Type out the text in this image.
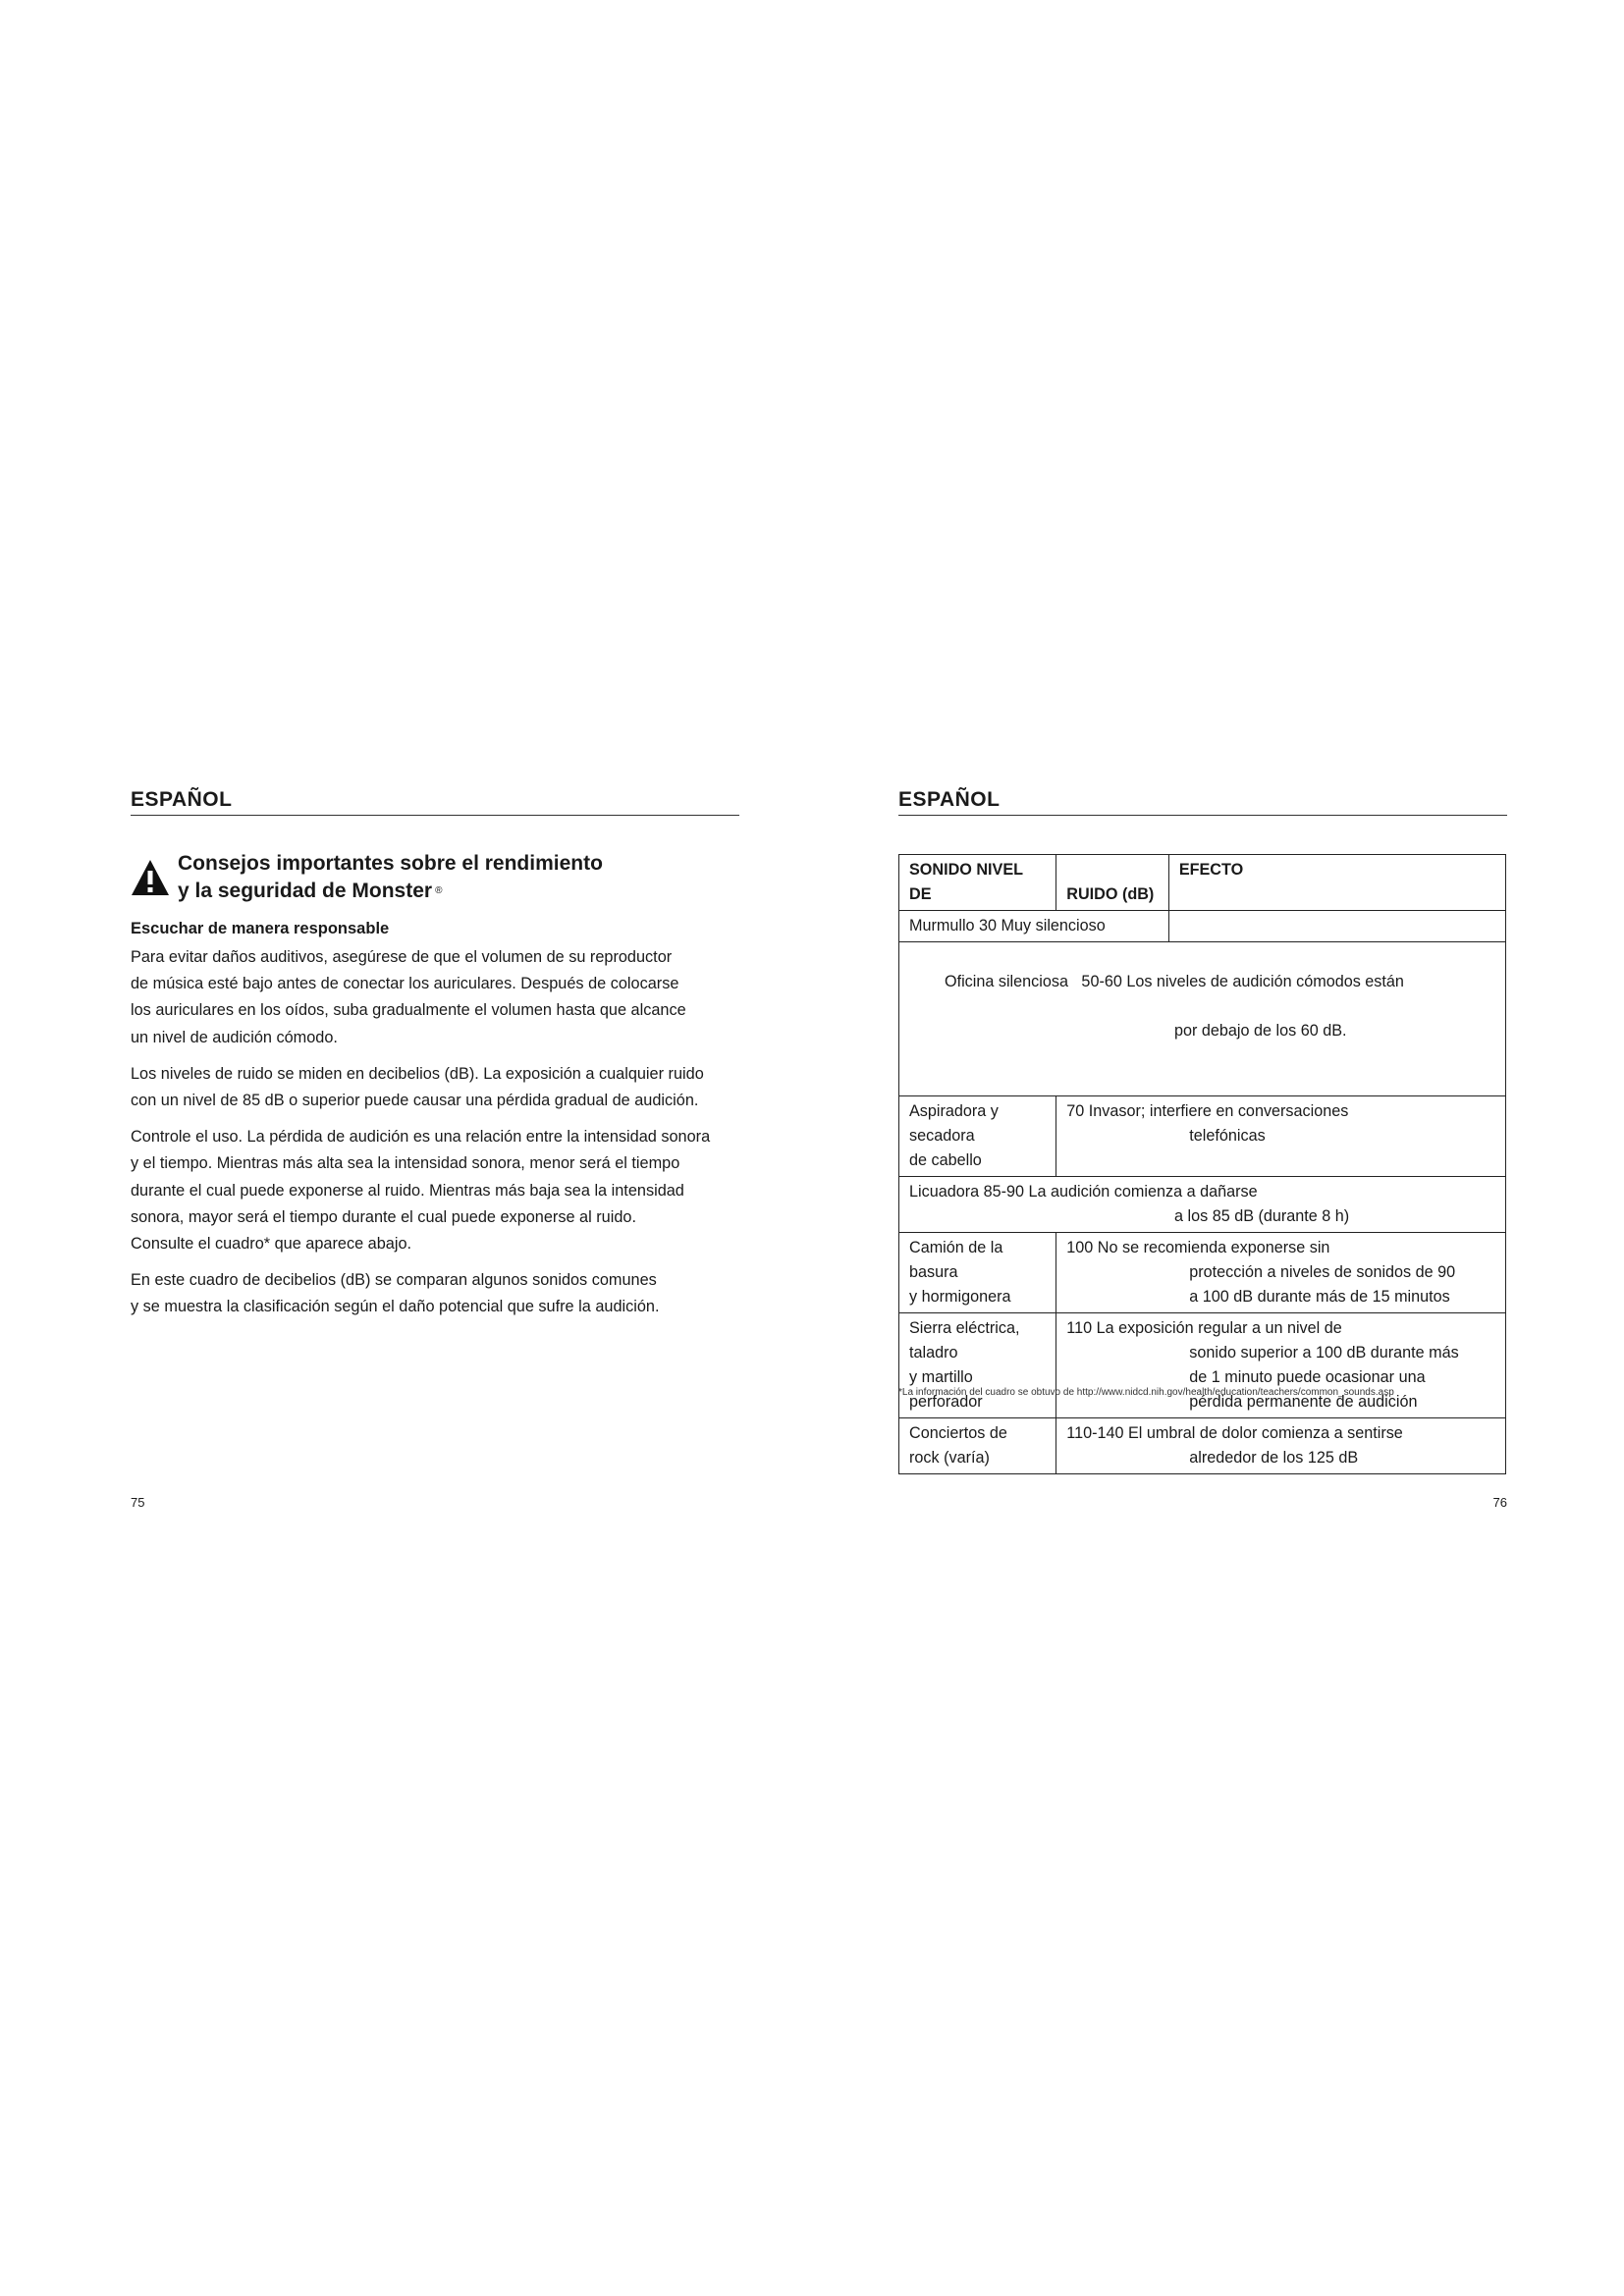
ESPAÑOL
Consejos importantes sobre el rendimiento
y la seguridad de Monster ®
Escuchar de manera responsable

Para evitar daños auditivos, asegúrese de que el volumen de su reproductor
de música esté bajo antes de conectar los auriculares. Después de colocarse
los auriculares en los oídos, suba gradualmente el volumen hasta que alcance
un nivel de audición cómodo.

Los niveles de ruido se miden en decibelios (dB). La exposición a cualquier ruido
con un nivel de 85 dB o superior puede causar una pérdida gradual de audición.

Controle el uso. La pérdida de audición es una relación entre la intensidad sonora
y el tiempo. Mientras más alta sea la intensidad sonora, menor será el tiempo
durante el cual puede exponerse al ruido. Mientras más baja sea la intensidad
sonora, mayor será el tiempo durante el cual puede exponerse al ruido.
Consulte el cuadro* que aparece abajo.

En este cuadro de decibelios (dB) se comparan algunos sonidos comunes
y se muestra la clasificación según el daño potencial que sufre la audición.

75
ESPAÑOL
SONIDO NIVEL DE	RUIDO (dB)	EFECTO
Murmullo 30 Muy silencioso		

Oficina silenciosa   50-60 Los niveles de audición cómodos están

por debajo de los 60 dB.		

Aspiradora y
secadora
de cabello	70 Invasor; interfiere en conversaciones
telefónicas	

Licuadora 85-90 La audición comienza a dañarse
a los 85 dB (durante 8 h)		

Camión de la
basura
y hormigonera	100 No se recomienda exponerse sin
protección a niveles de sonidos de 90
a 100 dB durante más de 15 minutos	

Sierra eléctrica,
taladro
y martillo
perforador	110 La exposición regular a un nivel de
sonido superior a 100 dB durante más
de 1 minuto puede ocasionar una
pérdida permanente de audición	

Conciertos de
rock (varía)	110-140 El umbral de dolor comienza a sentirse
alrededor de los 125 dB	
*La información del cuadro se obtuvo de http://www.nidcd.nih.gov/health/education/teachers/common_sounds.asp
76
